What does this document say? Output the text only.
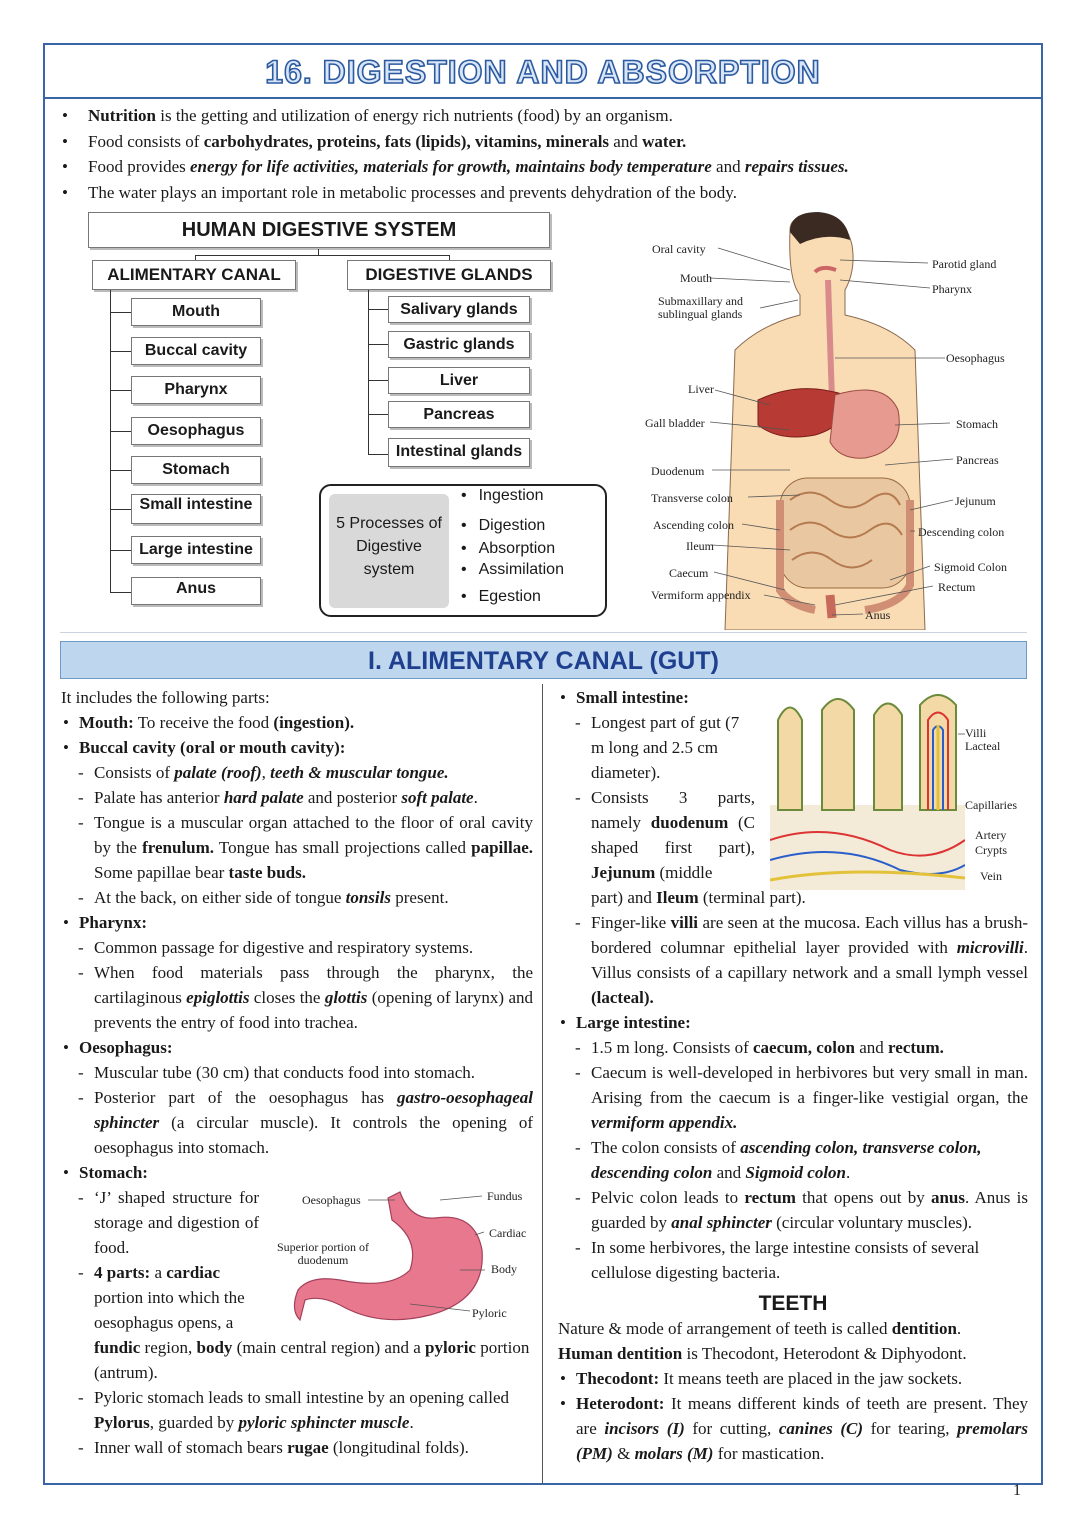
16. DIGESTION AND ABSORPTION
• Nutrition is the getting and utilization of energy rich nutrients (food) by an organism.
• Food consists of carbohydrates, proteins, fats (lipids), vitamins, minerals and water.
• Food provides energy for life activities, materials for growth, maintains body temperature and repairs tissues.
• The water plays an important role in metabolic processes and prevents dehydration of the body.
HUMAN DIGESTIVE SYSTEM
ALIMENTARY CANAL	DIGESTIVE GLANDS
Mouth
Buccal cavity
Pharynx
Oesophagus
Stomach
Small intestine
Large intestine
Anus
Salivary glands
Gastric glands
Liver
Pancreas
Intestinal glands
5 Processes of Digestive system
• Ingestion
• Digestion
• Absorption
• Assimilation
• Egestion
Oral cavity
Mouth
Submaxillary and sublingual glands
Parotid gland
Pharynx
Oesophagus
Liver
Gall bladder	Stomach
Pancreas
Duodenum
Transverse colon	Jejunum
Ascending colon	Descending colon
Ileum
Sigmoid Colon
Caecum
Rectum
Vermiform appendix
Anus
I. ALIMENTARY CANAL (GUT)
It includes the following parts:
• Mouth: To receive the food (ingestion).
• Buccal cavity (oral or mouth cavity):
- Consists of palate (roof), teeth & muscular tongue.
- Palate has anterior hard palate and posterior soft palate.
- Tongue is a muscular organ attached to the floor of oral cavity by the frenulum. Tongue has small projections called papillae. Some papillae bear taste buds.
- At the back, on either side of tongue tonsils present.
• Pharynx:
- Common passage for digestive and respiratory systems.
- When food materials pass through the pharynx, the cartilaginous epiglottis closes the glottis (opening of larynx) and prevents the entry of food into trachea.
• Oesophagus:
- Muscular tube (30 cm) that conducts food into stomach.
- Posterior part of the oesophagus has gastro-oesophageal sphincter (a circular muscle). It controls the opening of oesophagus into stomach.
• Stomach:
- ‘J’ shaped structure for storage and digestion of food.
- 4 parts: a cardiac portion into which the oesophagus opens, a
fundic region, body (main central region) and a pyloric portion (antrum).
- Pyloric stomach leads to small intestine by an opening called Pylorus, guarded by pyloric sphincter muscle.
- Inner wall of stomach bears rugae (longitudinal folds).
Oesophagus	Fundus
Cardiac
Superior portion of duodenum
Body
Pyloric
Villi
Lacteal
Capillaries
Artery
Crypts
Vein
• Small intestine:
- Longest part of gut (7 m long and 2.5 cm diameter).
- Consists 3 parts, namely duodenum (C shaped first part), Jejunum (middle
part) and Ileum (terminal part).
- Finger-like villi are seen at the mucosa. Each villus has a brush-bordered columnar epithelial layer provided with microvilli. Villus consists of a capillary network and a small lymph vessel (lacteal).
• Large intestine:
- 1.5 m long. Consists of caecum, colon and rectum.
- Caecum is well-developed in herbivores but very small in man. Arising from the caecum is a finger-like vestigial organ, the vermiform appendix.
- The colon consists of ascending colon, transverse colon, descending colon and Sigmoid colon.
- Pelvic colon leads to rectum that opens out by anus. Anus is guarded by anal sphincter (circular voluntary muscles).
- In some herbivores, the large intestine consists of several cellulose digesting bacteria.
TEETH
Nature & mode of arrangement of teeth is called dentition.
Human dentition is Thecodont, Heterodont & Diphyodont.
• Thecodont: It means teeth are placed in the jaw sockets.
• Heterodont: It means different kinds of teeth are present. They are incisors (I) for cutting, canines (C) for tearing, premolars (PM) & molars (M) for mastication.
1
